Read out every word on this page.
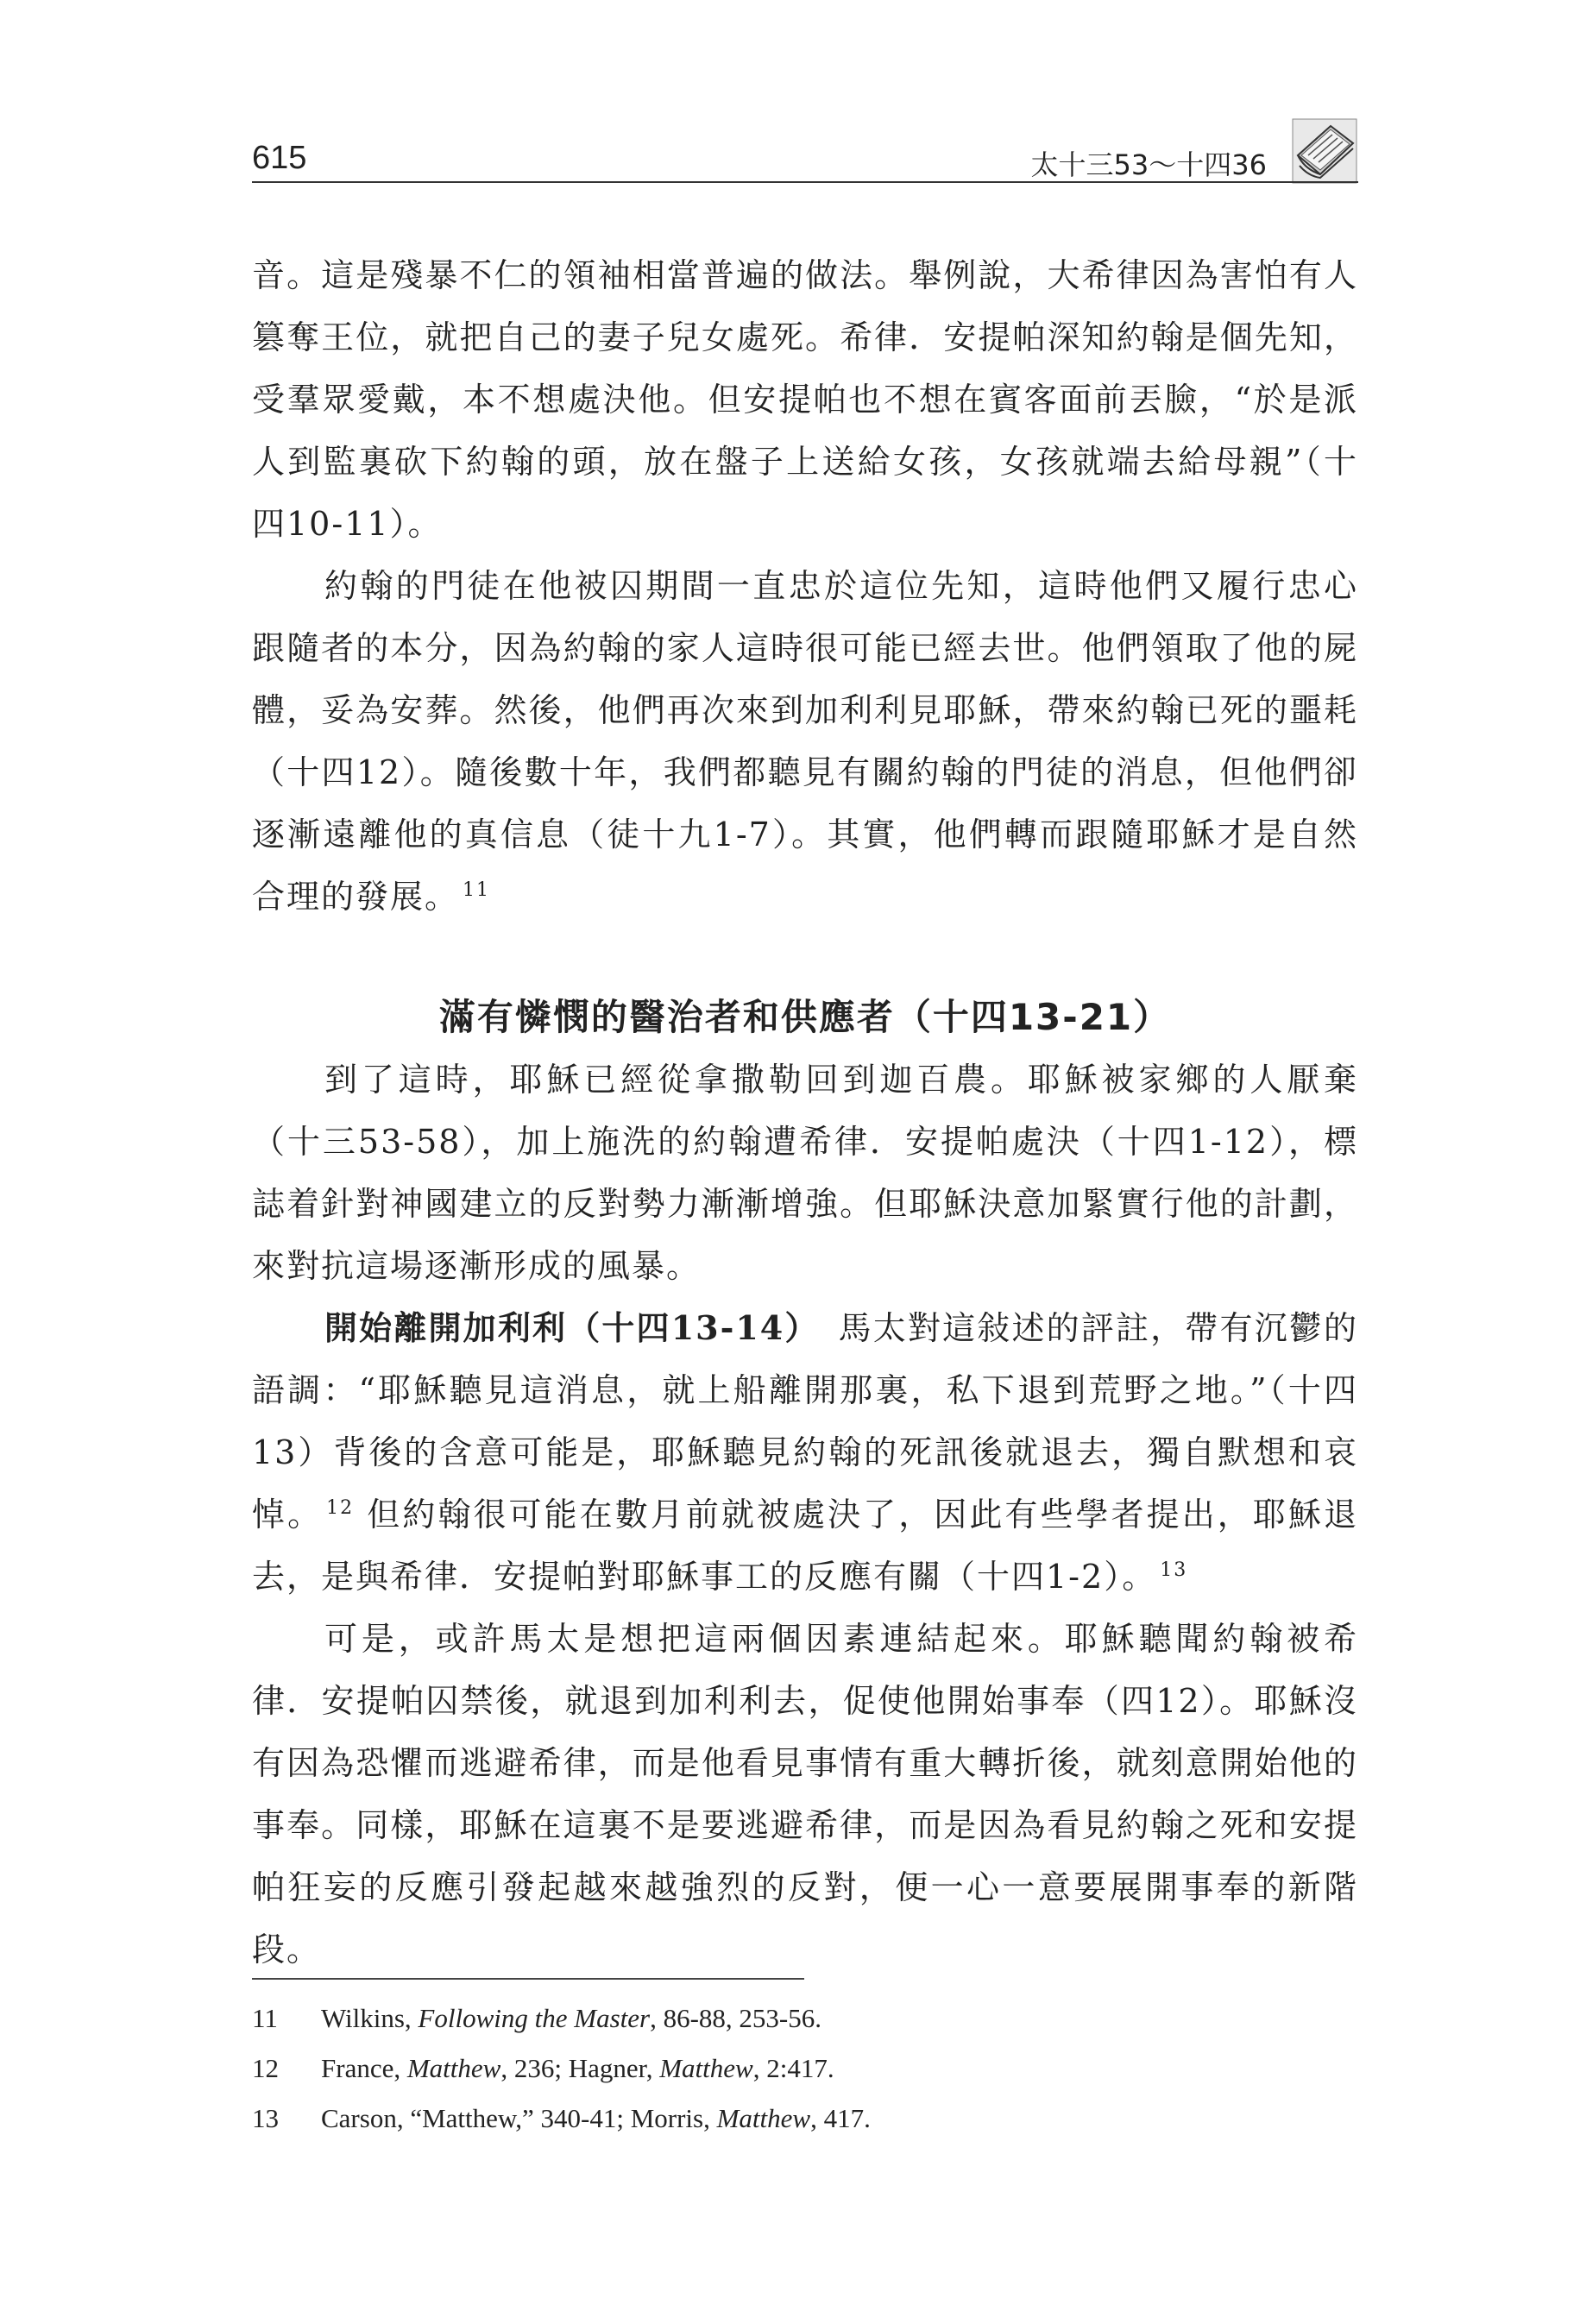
615	太十三53～十四36

音。這是殘暴不仁的領袖相當普遍的做法。舉例說，大希律因為害怕有人篡奪王位，就把自己的妻子兒女處死。希律．安提帕深知約翰是個先知，受羣眾愛戴，本不想處決他。但安提帕也不想在賓客面前丟臉，“於是派人到監裏砍下約翰的頭，放在盤子上送給女孩，女孩就端去給母親”（十四10-11）。

約翰的門徒在他被囚期間一直忠於這位先知，這時他們又履行忠心跟隨者的本分，因為約翰的家人這時很可能已經去世。他們領取了他的屍體，妥為安葬。然後，他們再次來到加利利見耶穌，帶來約翰已死的噩耗（十四12）。隨後數十年，我們都聽見有關約翰的門徒的消息，但他們卻逐漸遠離他的真信息（徒十九1-7）。其實，他們轉而跟隨耶穌才是自然合理的發展。 $^{11}$

滿有憐憫的醫治者和供應者（十四13-21）

到了這時，耶穌已經從拿撒勒回到迦百農。耶穌被家鄉的人厭棄（十三53-58），加上施洗的約翰遭希律．安提帕處決（十四1-12），標誌着針對神國建立的反對勢力漸漸增強。但耶穌決意加緊實行他的計劃，來對抗這場逐漸形成的風暴。

開始離開加利利（十四13-14） 馬太對這敍述的評註，帶有沉鬱的語調：“耶穌聽見這消息，就上船離開那裏，私下退到荒野之地。”（十四13）背後的含意可能是，耶穌聽見約翰的死訊後就退去，獨自默想和哀悼。 $^{12}$ 但約翰很可能在數月前就被處決了，因此有些學者提出，耶穌退去，是與希律．安提帕對耶穌事工的反應有關（十四1-2）。 $^{13}$

可是，或許馬太是想把這兩個因素連結起來。耶穌聽聞約翰被希律．安提帕囚禁後，就退到加利利去，促使他開始事奉（四12）。耶穌沒有因為恐懼而逃避希律，而是他看見事情有重大轉折後，就刻意開始他的事奉。同樣，耶穌在這裏不是要逃避希律，而是因為看見約翰之死和安提帕狂妄的反應引發起越來越強烈的反對，便一心一意要展開事奉的新階段。

11 Wilkins, Following the Master, 86-88, 253-56.
12 France, Matthew, 236; Hagner, Matthew, 2:417.
13 Carson, “Matthew,” 340-41; Morris, Matthew, 417.
